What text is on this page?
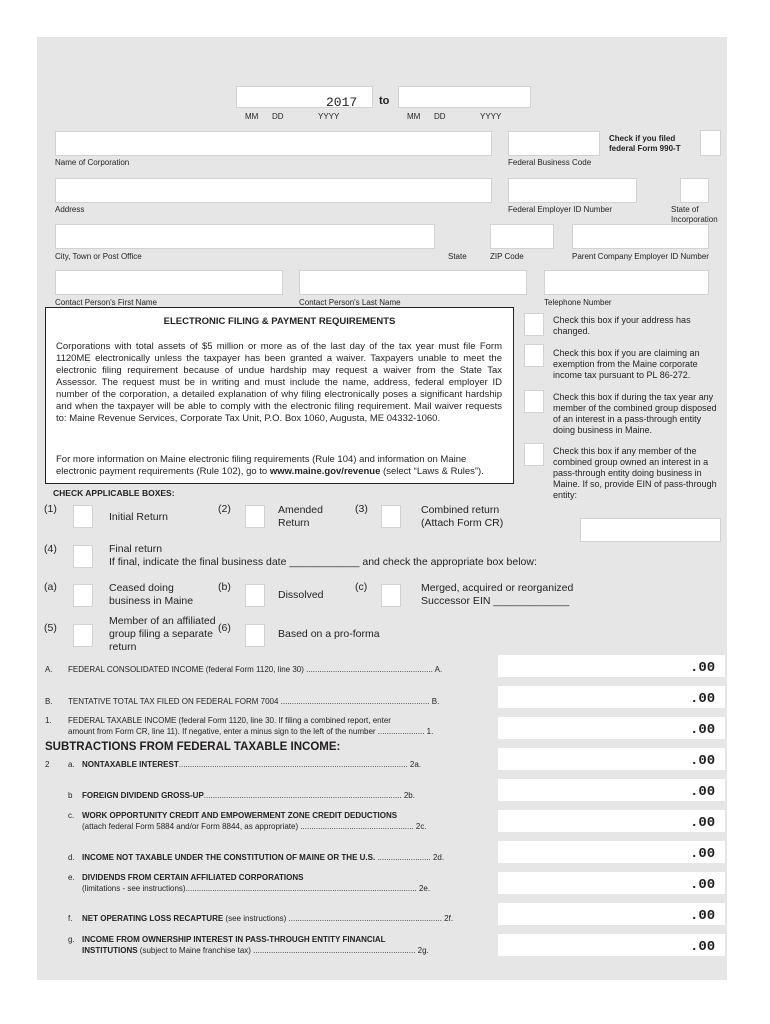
2017 to
MM DD	YYYY	MM DD	YYYY
Check if you filed federal Form 990-T
Name of Corporation	Federal Business Code
Address	Federal Employer ID Number	State of Incorporation
City, Town or Post Office	State	ZIP Code	Parent Company Employer ID Number
Contact Person's First Name	Contact Person's Last Name	Telephone Number
ELECTRONIC FILING & PAYMENT REQUIREMENTS
Corporations with total assets of $5 million or more as of the last day of the tax year must file Form 1120ME electronically unless the taxpayer has been granted a waiver. Taxpayers unable to meet the electronic filing requirement because of undue hardship may request a waiver from the State Tax Assessor. The request must be in writing and must include the name, address, federal employer ID number of the corporation, a detailed explanation of why filing electronically poses a significant hardship and when the taxpayer will be able to comply with the electronic filing requirement. Mail waiver requests to: Maine Revenue Services, Corporate Tax Unit, P.O. Box 1060, Augusta, ME 04332-1060.
For more information on Maine electronic filing requirements (Rule 104) and information on Maine electronic payment requirements (Rule 102), go to www.maine.gov/revenue (select “Laws & Rules”).
Check this box if your address has changed.
Check this box if you are claiming an exemption from the Maine corporate income tax pursuant to PL 86-272.
Check this box if during the tax year any member of the combined group disposed of an interest in a pass-through entity doing business in Maine.
Check this box if any member of the combined group owned an interest in a pass-through entity doing business in Maine. If so, provide EIN of pass-through entity:
CHECK APPLICABLE BOXES:
(1)
Initial Return
(2)	Amended
Return
(3)	Combined return
(Attach Form CR)
(4)	Final return
If final, indicate the final business date ____________ and check the appropriate box below:
(a)	Ceased doing
business in Maine
(b)
Dissolved
(c)	Merged, acquired or reorganized
Successor EIN _____________
(5)
Member of an affiliated
group filing a separate
return
(6)	Based on a pro-forma
A. FEDERAL CONSOLIDATED INCOME (federal Form 1120, line 30) ......................................................... A.	.00
B. TENTATIVE TOTAL TAX FILED ON FEDERAL FORM 7004 ................................................................... B.	.00
1. FEDERAL TAXABLE INCOME (federal Form 1120, line 30. If filing a combined report, enter
amount from Form CR, line 11). If negative, enter a minus sign to the left of the number ..................... 1.	.00
SUBTRACTIONS FROM FEDERAL TAXABLE INCOME:
2 a. NONTAXABLE INTEREST....................................................................................................... 2a.	.00
b FOREIGN DIVIDEND GROSS-UP......................................................................................... 2b.	.00
c. WORK OPPORTUNITY CREDIT AND EMPOWERMENT ZONE CREDIT DEDUCTIONS
(attach federal Form 5884 and/or Form 8844, as appropriate) ................................................... 2c.	.00
d. INCOME NOT TAXABLE UNDER THE CONSTITUTION OF MAINE OR THE U.S. ........................ 2d.	.00
e. DIVIDENDS FROM CERTAIN AFFILIATED CORPORATIONS
(limitations - see instructions)........................................................................................................ 2e.	.00
f. NET OPERATING LOSS RECAPTURE (see instructions) ..................................................................... 2f.	.00
g. INCOME FROM OWNERSHIP INTEREST IN PASS-THROUGH ENTITY FINANCIAL
INSTITUTIONS (subject to Maine franchise tax) ......................................................................... 2g.	.00
